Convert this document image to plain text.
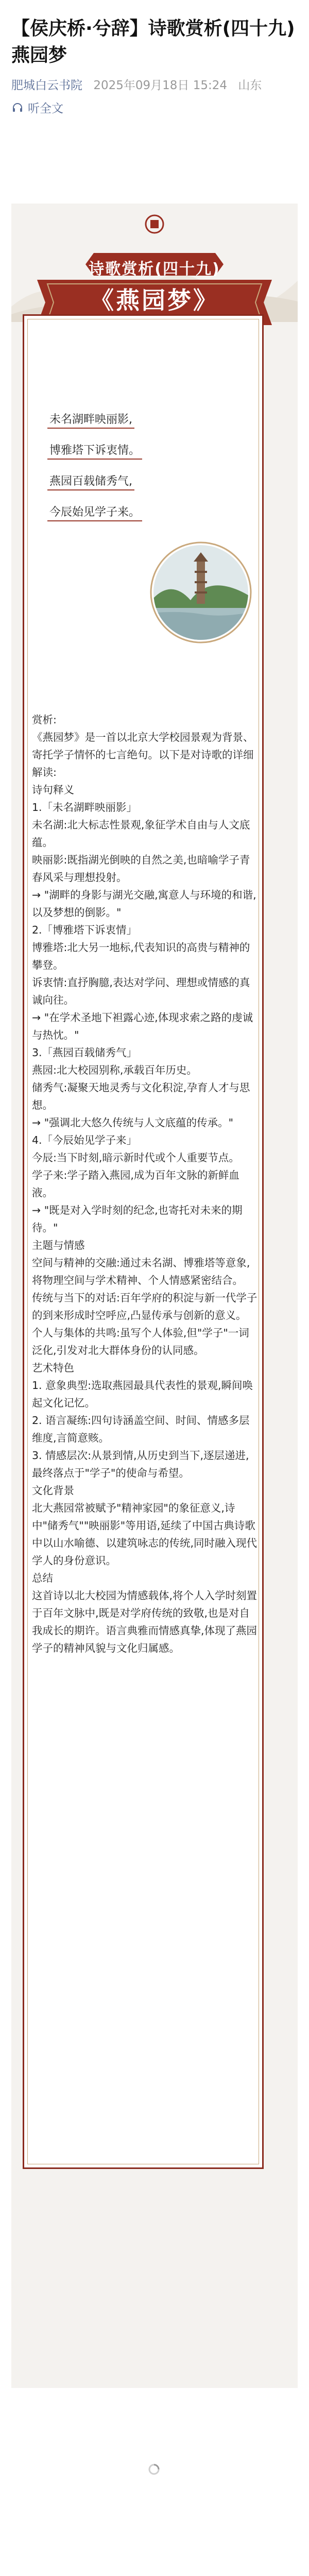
【侯庆桥·兮辞】诗歌赏析(四十九) 燕园梦
肥城白云书院 2025年09月18日 15:24 山东
听全文
诗歌赏析(四十九)
《燕园梦》
未名湖畔映丽影,
博雅塔下诉衷情。
燕园百载储秀气,
今辰始见学子来。

赏析:

《燕园梦》是一首以北京大学校园景观为背景、寄托学子情怀的七言绝句。以下是对诗歌的详细解读:

诗句释义

1.「未名湖畔映丽影」

未名湖:北大标志性景观,象征学术自由与人文底蕴。

映丽影:既指湖光倒映的自然之美,也暗喻学子青春风采与理想投射。

→ "湖畔的身影与湖光交融,寓意人与环境的和谐,以及梦想的倒影。"

2.「博雅塔下诉衷情」

博雅塔:北大另一地标,代表知识的高贵与精神的攀登。

诉衷情:直抒胸臆,表达对学问、理想或情感的真诚向往。

→ "在学术圣地下袒露心迹,体现求索之路的虔诚与热忱。"

3.「燕园百载储秀气」

燕园:北大校园别称,承载百年历史。

储秀气:凝聚天地灵秀与文化积淀,孕育人才与思想。

→ "强调北大悠久传统与人文底蕴的传承。"

4.「今辰始见学子来」

今辰:当下时刻,暗示新时代或个人重要节点。

学子来:学子踏入燕园,成为百年文脉的新鲜血液。

→ "既是对入学时刻的纪念,也寄托对未来的期待。"

主题与情感

空间与精神的交融:通过未名湖、博雅塔等意象,将物理空间与学术精神、个人情感紧密结合。

传统与当下的对话:百年学府的积淀与新一代学子的到来形成时空呼应,凸显传承与创新的意义。

个人与集体的共鸣:虽写个人体验,但"学子"一词泛化,引发对北大群体身份的认同感。

艺术特色

1. 意象典型:选取燕园最具代表性的景观,瞬间唤起文化记忆。

2. 语言凝练:四句诗涵盖空间、时间、情感多层维度,言简意赅。

3. 情感层次:从景到情,从历史到当下,逐层递进,最终落点于"学子"的使命与希望。

文化背景

北大燕园常被赋予"精神家园"的象征意义,诗中"储秀气""映丽影"等用语,延续了中国古典诗歌中以山水喻德、以建筑咏志的传统,同时融入现代学人的身份意识。

总结

这首诗以北大校园为情感载体,将个人入学时刻置于百年文脉中,既是对学府传统的致敬,也是对自我成长的期许。语言典雅而情感真挚,体现了燕园学子的精神风貌与文化归属感。
